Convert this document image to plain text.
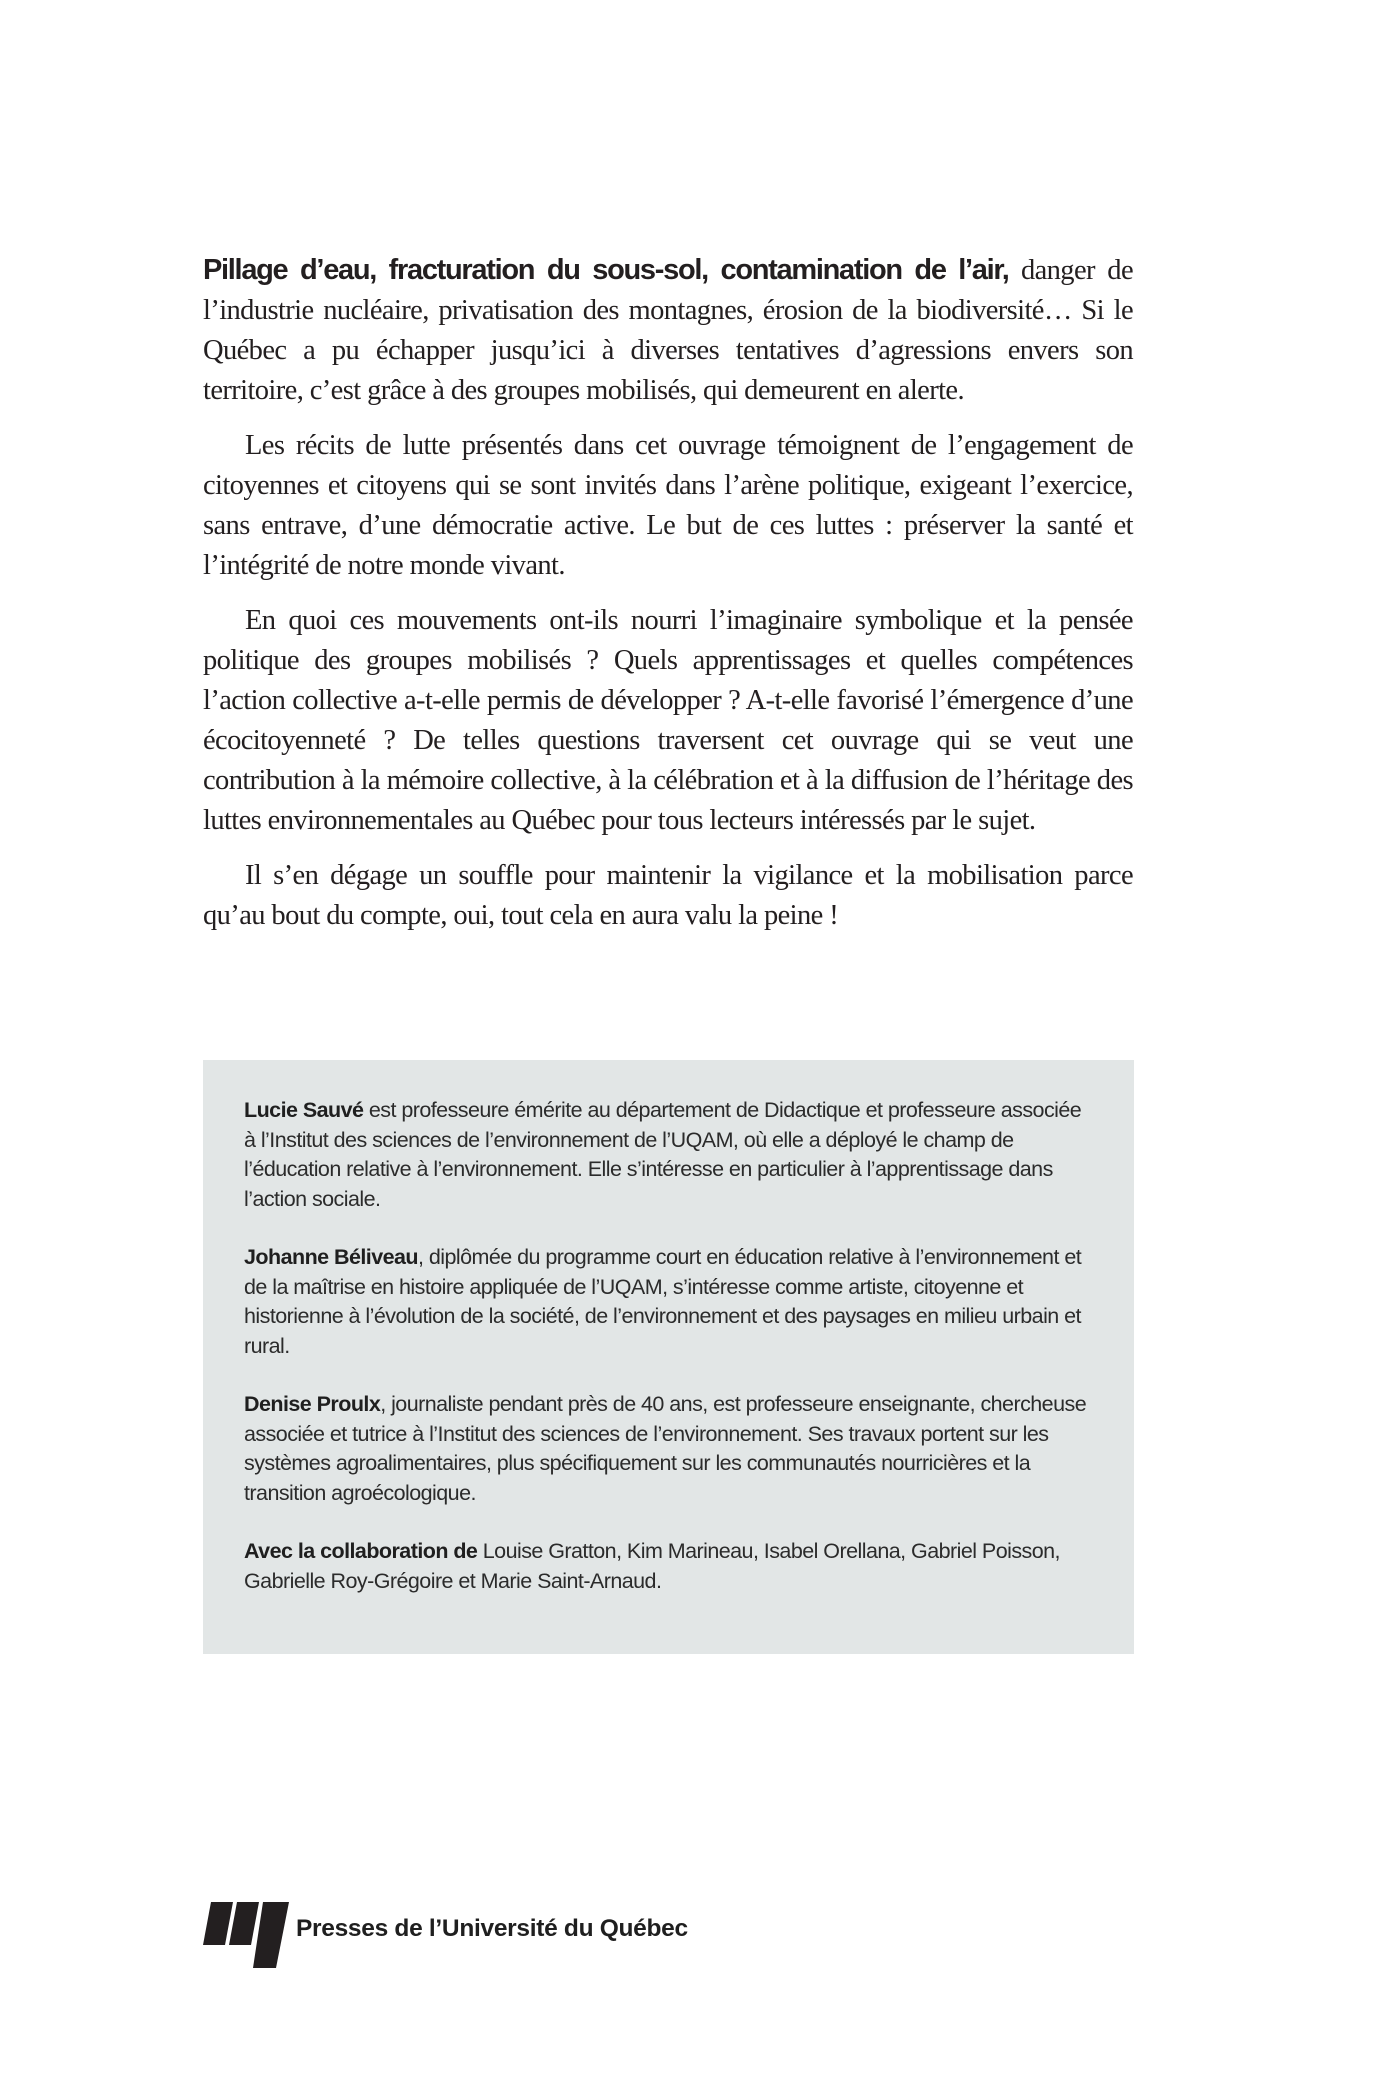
Pillage d’eau, fracturation du sous-sol, contamination de l’air, danger de l’industrie nucléaire, privatisation des montagnes, érosion de la biodiversité… Si le Québec a pu échapper jusqu’ici à diverses tentatives d’agressions envers son territoire, c’est grâce à des groupes mobilisés, qui demeurent en alerte.

Les récits de lutte présentés dans cet ouvrage témoignent de l’engagement de citoyennes et citoyens qui se sont invités dans l’arène politique, exigeant l’exercice, sans entrave, d’une démocratie active. Le but de ces luttes : préserver la santé et l’intégrité de notre monde vivant.

En quoi ces mouvements ont-ils nourri l’imaginaire symbolique et la pensée politique des groupes mobilisés ? Quels apprentissages et quelles compétences l’action collective a-t-elle permis de développer ? A-t-elle favorisé l’émergence d’une écocitoyenneté ? De telles questions traversent cet ouvrage qui se veut une contribution à la mémoire collective, à la célébration et à la diffusion de l’héritage des luttes environnementales au Québec pour tous lecteurs intéressés par le sujet.

Il s’en dégage un souffle pour maintenir la vigilance et la mobilisation parce qu’au bout du compte, oui, tout cela en aura valu la peine !

Lucie Sauvé est professeure émérite au département de Didactique et professeure associée à l’Institut des sciences de l’environnement de l’UQAM, où elle a déployé le champ de l’éducation relative à l’environnement. Elle s’intéresse en particulier à l’apprentissage dans l’action sociale.

Johanne Béliveau, diplômée du programme court en éducation relative à l’environnement et de la maîtrise en histoire appliquée de l’UQAM, s’intéresse comme artiste, citoyenne et historienne à l’évolution de la société, de l’environnement et des paysages en milieu urbain et rural.

Denise Proulx, journaliste pendant près de 40 ans, est professeure enseignante, chercheuse associée et tutrice à l’Institut des sciences de l’environnement. Ses travaux portent sur les systèmes agroalimentaires, plus spécifiquement sur les communautés nourricières et la transition agroécologique.

Avec la collaboration de Louise Gratton, Kim Marineau, Isabel Orellana, Gabriel Poisson, Gabrielle Roy-Grégoire et Marie Saint-Arnaud.

Presses de l’Université du Québec
